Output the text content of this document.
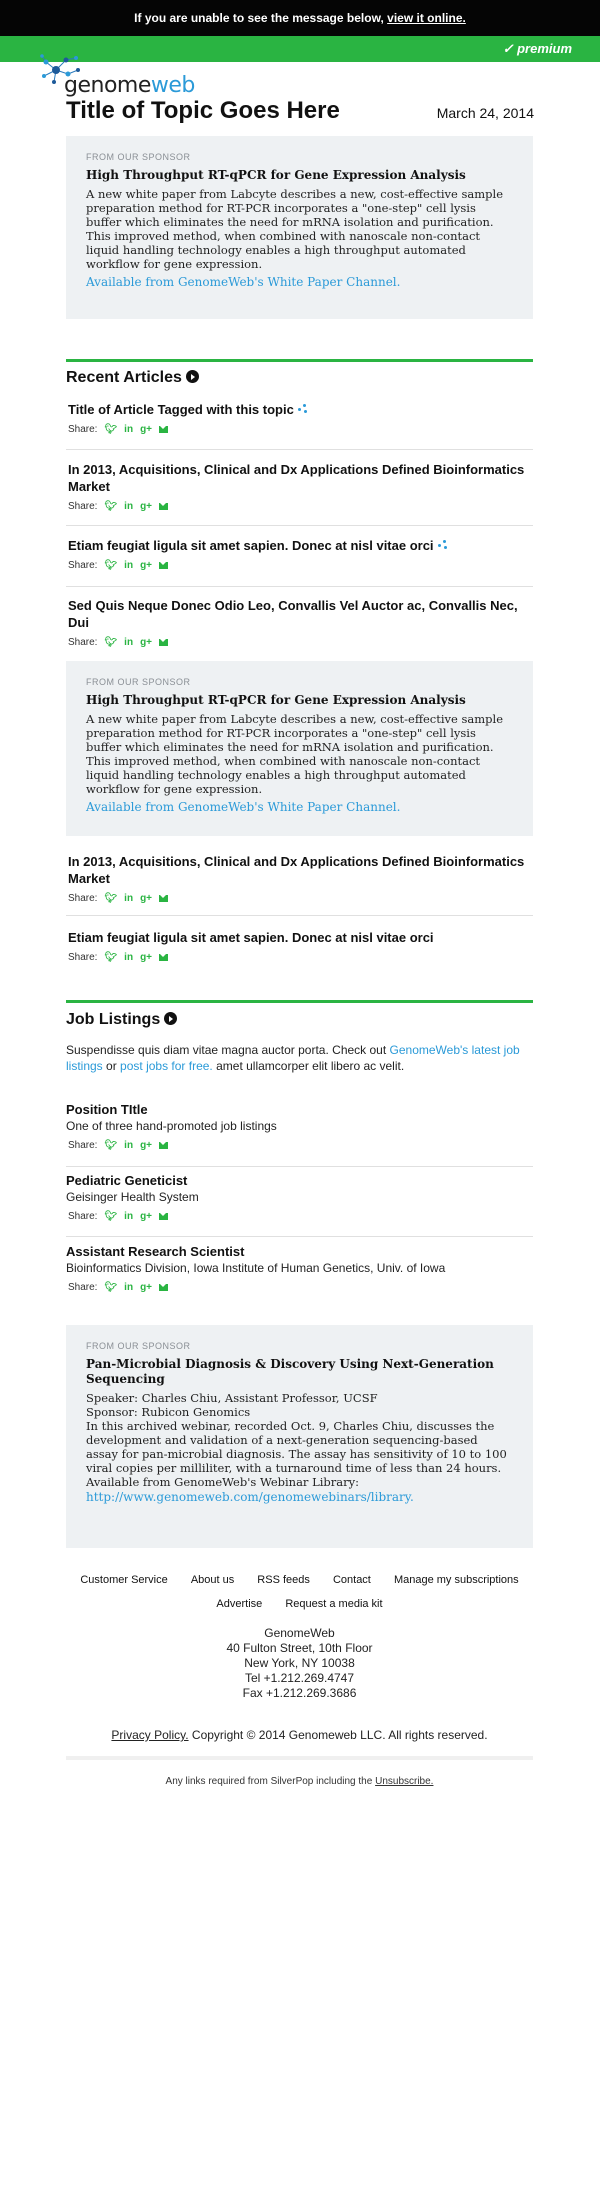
If you are unable to see the message below, view it online.
✓ premium
genomeweb
Title of Topic Goes Here	March 24, 2014
FROM OUR SPONSOR
High Throughput RT-qPCR for Gene Expression Analysis
A new white paper from Labcyte describes a new, cost-effective sample preparation method for RT-PCR incorporates a "one-step" cell lysis buffer which eliminates the need for mRNA isolation and purification. This improved method, when combined with nanoscale non-contact liquid handling technology enables a high throughput automated workflow for gene expression.
Available from GenomeWeb's White Paper Channel.
Recent Articles
Title of Article Tagged with this topic
Share: 🐦︎ in g+
In 2013, Acquisitions, Clinical and Dx Applications Defined Bioinformatics Market
Share: 🐦︎ in g+
Etiam feugiat ligula sit amet sapien. Donec at nisl vitae orci
Share: 🐦︎ in g+
Sed Quis Neque Donec Odio Leo, Convallis Vel Auctor ac, Convallis Nec, Dui
Share: 🐦︎ in g+
FROM OUR SPONSOR
High Throughput RT-qPCR for Gene Expression Analysis
A new white paper from Labcyte describes a new, cost-effective sample preparation method for RT-PCR incorporates a "one-step" cell lysis buffer which eliminates the need for mRNA isolation and purification. This improved method, when combined with nanoscale non-contact liquid handling technology enables a high throughput automated workflow for gene expression.
Available from GenomeWeb's White Paper Channel.
In 2013, Acquisitions, Clinical and Dx Applications Defined Bioinformatics Market
Share: 🐦︎ in g+
Etiam feugiat ligula sit amet sapien. Donec at nisl vitae orci
Share: 🐦︎ in g+
Job Listings
Suspendisse quis diam vitae magna auctor porta. Check out GenomeWeb's latest job listings or post jobs for free. amet ullamcorper elit libero ac velit.
Position TItle
One of three hand-promoted job listings
Share: 🐦︎ in g+
Pediatric Geneticist
Geisinger Health System
Share: 🐦︎ in g+
Assistant Research Scientist
Bioinformatics Division, Iowa Institute of Human Genetics, Univ. of Iowa
Share: 🐦︎ in g+
FROM OUR SPONSOR
Pan-Microbial Diagnosis & Discovery Using Next-Generation Sequencing
Speaker: Charles Chiu, Assistant Professor, UCSF
Sponsor: Rubicon Genomics
In this archived webinar, recorded Oct. 9, Charles Chiu, discusses the development and validation of a next-generation sequencing-based assay for pan-microbial diagnosis. The assay has sensitivity of 10 to 100 viral copies per milliliter, with a turnaround time of less than 24 hours.
Available from GenomeWeb's Webinar Library:
http://www.genomeweb.com/genomewebinars/library.
Customer Service About us RSS feeds Contact Manage my subscriptions
Advertise Request a media kit
GenomeWeb
40 Fulton Street, 10th Floor
New York, NY 10038
Tel +1.212.269.4747
Fax +1.212.269.3686
Privacy Policy. Copyright © 2014 Genomeweb LLC. All rights reserved.
Any links required from SilverPop including the Unsubscribe.
